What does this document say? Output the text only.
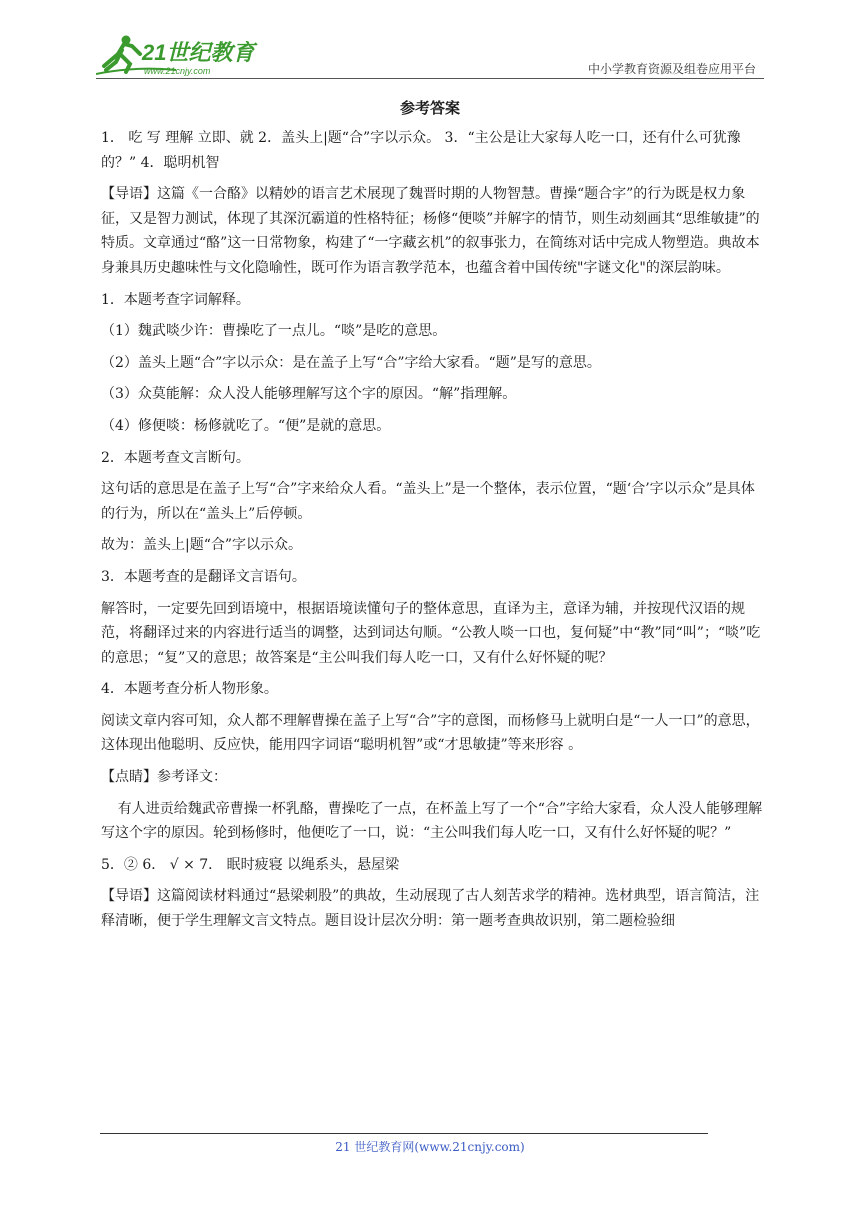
21世纪教育
www.21cnjy.com	中小学教育资源及组卷应用平台
参考答案

1． 吃 写 理解 立即、就 2．盖头上|题“合”字以示众。 3．“主公是让大家每人吃一口，还有什么可犹豫的？” 4．聪明机智

【导语】这篇《一合酪》以精妙的语言艺术展现了魏晋时期的人物智慧。曹操“题合字”的行为既是权力象征，又是智力测试，体现了其深沉霸道的性格特征；杨修“便啖”并解字的情节，则生动刻画其“思维敏捷”的特质。文章通过“酪”这一日常物象，构建了“一字藏玄机”的叙事张力，在简练对话中完成人物塑造。典故本身兼具历史趣味性与文化隐喻性，既可作为语言教学范本，也蕴含着中国传统"字谜文化"的深层韵味。

1．本题考查字词解释。

（1）魏武啖少许：曹操吃了一点儿。“啖”是吃的意思。

（2）盖头上题“合”字以示众：是在盖子上写“合”字给大家看。“题”是写的意思。

（3）众莫能解：众人没人能够理解写这个字的原因。“解”指理解。

（4）修便啖：杨修就吃了。“便”是就的意思。

2．本题考查文言断句。

这句话的意思是在盖子上写“合”字来给众人看。“盖头上”是一个整体，表示位置，“题‘合’字以示众”是具体的行为，所以在“盖头上”后停顿。

故为：盖头上|题“合”字以示众。

3．本题考查的是翻译文言语句。

解答时，一定要先回到语境中，根据语境读懂句子的整体意思，直译为主，意译为辅，并按现代汉语的规范，将翻译过来的内容进行适当的调整，达到词达句顺。“公教人啖一口也，复何疑”中“教”同“叫”；“啖”吃的意思；“复”又的意思；故答案是“主公叫我们每人吃一口，又有什么好怀疑的呢？

4．本题考查分析人物形象。

阅读文章内容可知，众人都不理解曹操在盖子上写“合”字的意图，而杨修马上就明白是“一人一口”的意思，这体现出他聪明、反应快，能用四字词语“聪明机智”或“才思敏捷”等来形容 。

【点睛】参考译文：

有人进贡给魏武帝曹操一杯乳酪，曹操吃了一点，在杯盖上写了一个“合”字给大家看，众人没人能够理解写这个字的原因。轮到杨修时，他便吃了一口，说：“主公叫我们每人吃一口，又有什么好怀疑的呢？”

5．② 6． √ × 7． 眠时疲寝 以绳系头，悬屋梁

【导语】这篇阅读材料通过“悬梁刺股”的典故，生动展现了古人刻苦求学的精神。选材典型，语言简洁，注释清晰，便于学生理解文言文特点。题目设计层次分明：第一题考查典故识别，第二题检验细

21 世纪教育网(www.21cnjy.com)
